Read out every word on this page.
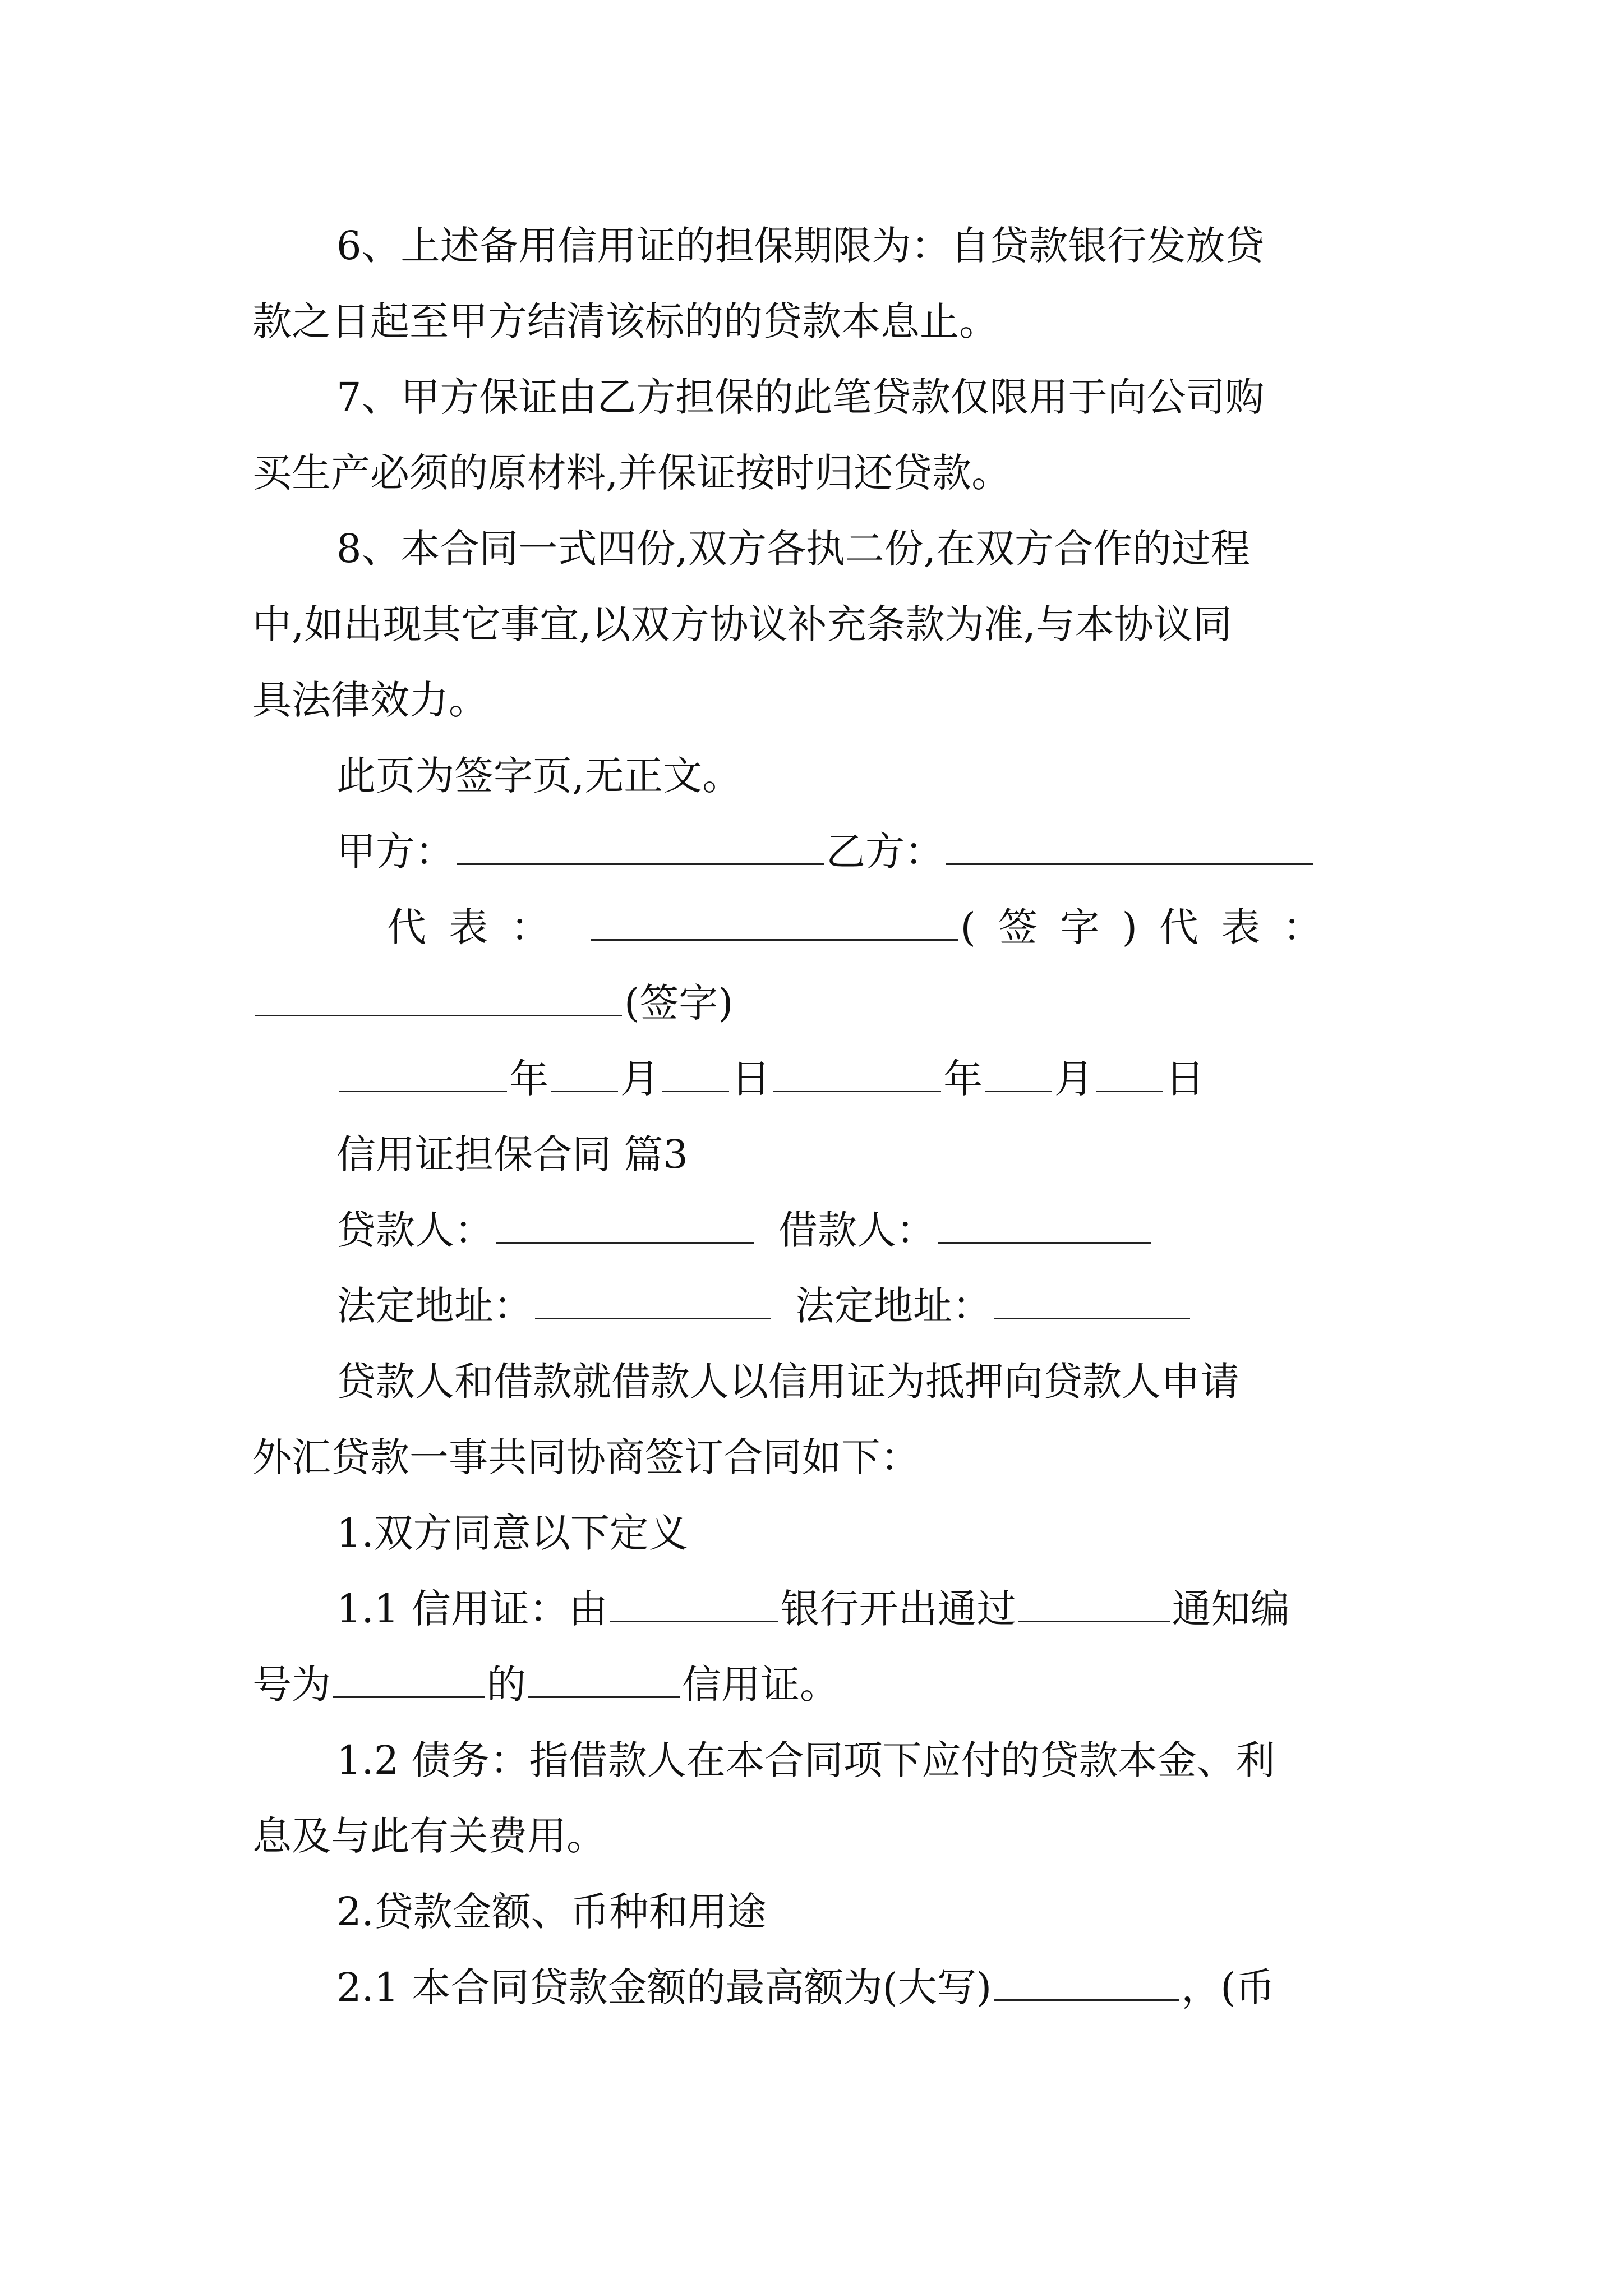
6、上述备用信用证的担保期限为：自贷款银行发放贷
款之日起至甲方结清该标的的贷款本息止。
7、甲方保证由乙方担保的此笔贷款仅限用于向公司购
买生产必须的原材料,并保证按时归还贷款。
8、本合同一式四份,双方各执二份,在双方合作的过程
中,如出现其它事宜,以双方协议补充条款为准,与本协议同
具法律效力。
此页为签字页,无正文。
甲方：	乙方：
代 表 ：	( 签 字 ) 代 表 ：
(签字)
年 月 日	年 月 日
信用证担保合同 篇3
贷款人：	借款人：
法定地址：	法定地址：
贷款人和借款就借款人以信用证为抵押向贷款人申请
外汇贷款一事共同协商签订合同如下：
1.双方同意以下定义
1.1 信用证：由	银行开出通过	通知编
号为	的	信用证。
1.2 债务：指借款人在本合同项下应付的贷款本金、利
息及与此有关费用。
2.贷款金额、币种和用途
2.1 本合同贷款金额的最高额为(大写)	，(币
